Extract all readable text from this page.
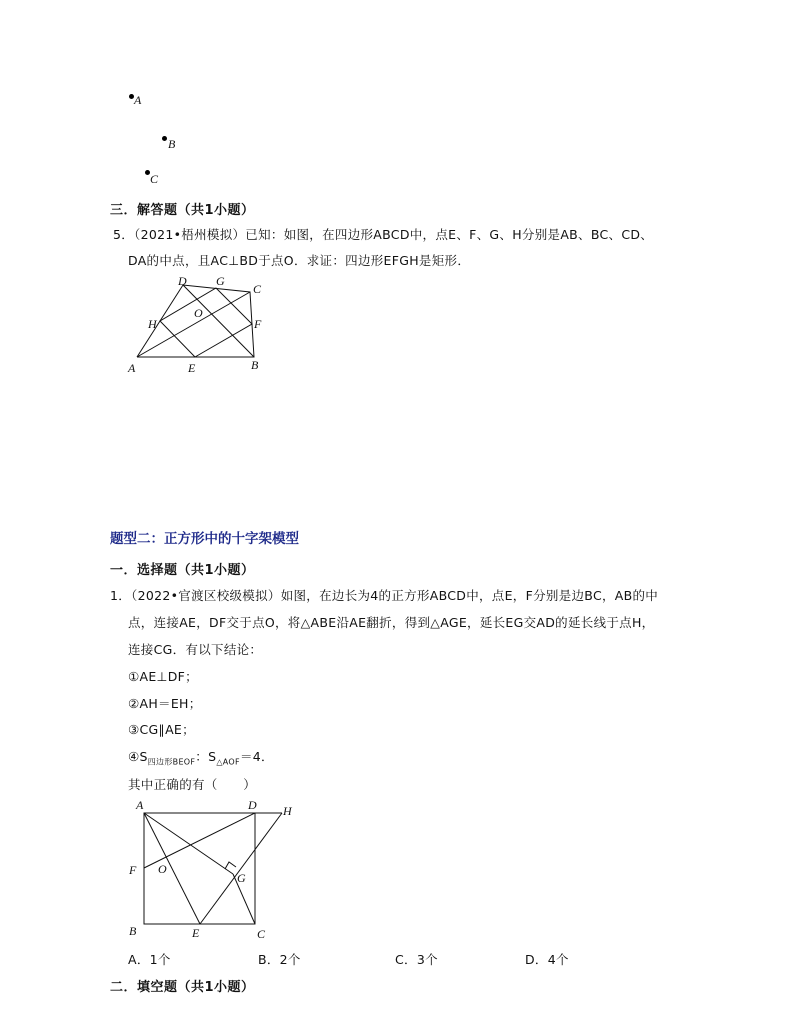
A
B
C
三．解答题（共1小题）
5．（2021•梧州模拟）已知：如图，在四边形ABCD中，点E、F、G、H分别是AB、BC、CD、
DA的中点，且AC⊥BD于点O．求证：四边形EFGH是矩形．
A	B
C
D
E
F
G
H
O
题型二：正方形中的十字架模型
一．选择题（共1小题）
1．（2022•官渡区校级模拟）如图，在边长为4的正方形ABCD中，点E，F分别是边BC，AB的中
点，连接AE，DF交于点O，将△ABE沿AE翻折，得到△AGE，延长EG交AD的延长线于点H，
连接CG．有以下结论：
①AE⊥DF；
②AH＝EH；
③CG∥AE；
$④S_{四边形BEOF}$：$S_{\triangle AOF}=4$．
其中正确的有（　　）
A
B	C
D
E
F
G
H
O
A．1个	B．2个	C．3个	D．4个
二．填空题（共1小题）
